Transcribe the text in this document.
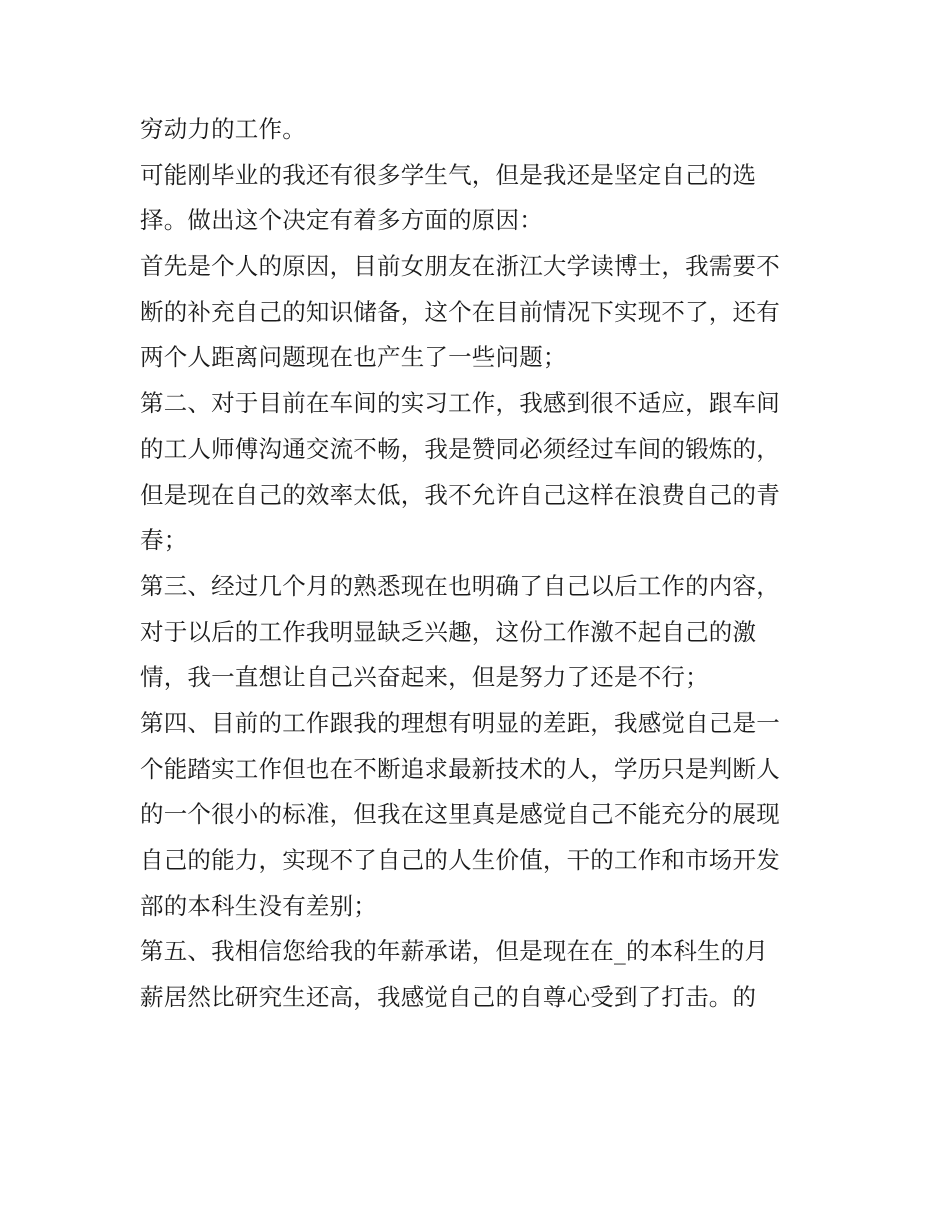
穷动力的工作。
可能刚毕业的我还有很多学生气，但是我还是坚定自己的选
择。做出这个决定有着多方面的原因：
首先是个人的原因，目前女朋友在浙江大学读博士，我需要不
断的补充自己的知识储备，这个在目前情况下实现不了，还有
两个人距离问题现在也产生了一些问题；
第二、对于目前在车间的实习工作，我感到很不适应，跟车间
的工人师傅沟通交流不畅，我是赞同必须经过车间的锻炼的，
但是现在自己的效率太低，我不允许自己这样在浪费自己的青
春；
第三、经过几个月的熟悉现在也明确了自己以后工作的内容，
对于以后的工作我明显缺乏兴趣，这份工作激不起自己的激
情，我一直想让自己兴奋起来，但是努力了还是不行；
第四、目前的工作跟我的理想有明显的差距，我感觉自己是一
个能踏实工作但也在不断追求最新技术的人，学历只是判断人
的一个很小的标准，但我在这里真是感觉自己不能充分的展现
自己的能力，实现不了自己的人生价值，干的工作和市场开发
部的本科生没有差别；
第五、我相信您给我的年薪承诺，但是现在在_的本科生的月
薪居然比研究生还高，我感觉自己的自尊心受到了打击。的
